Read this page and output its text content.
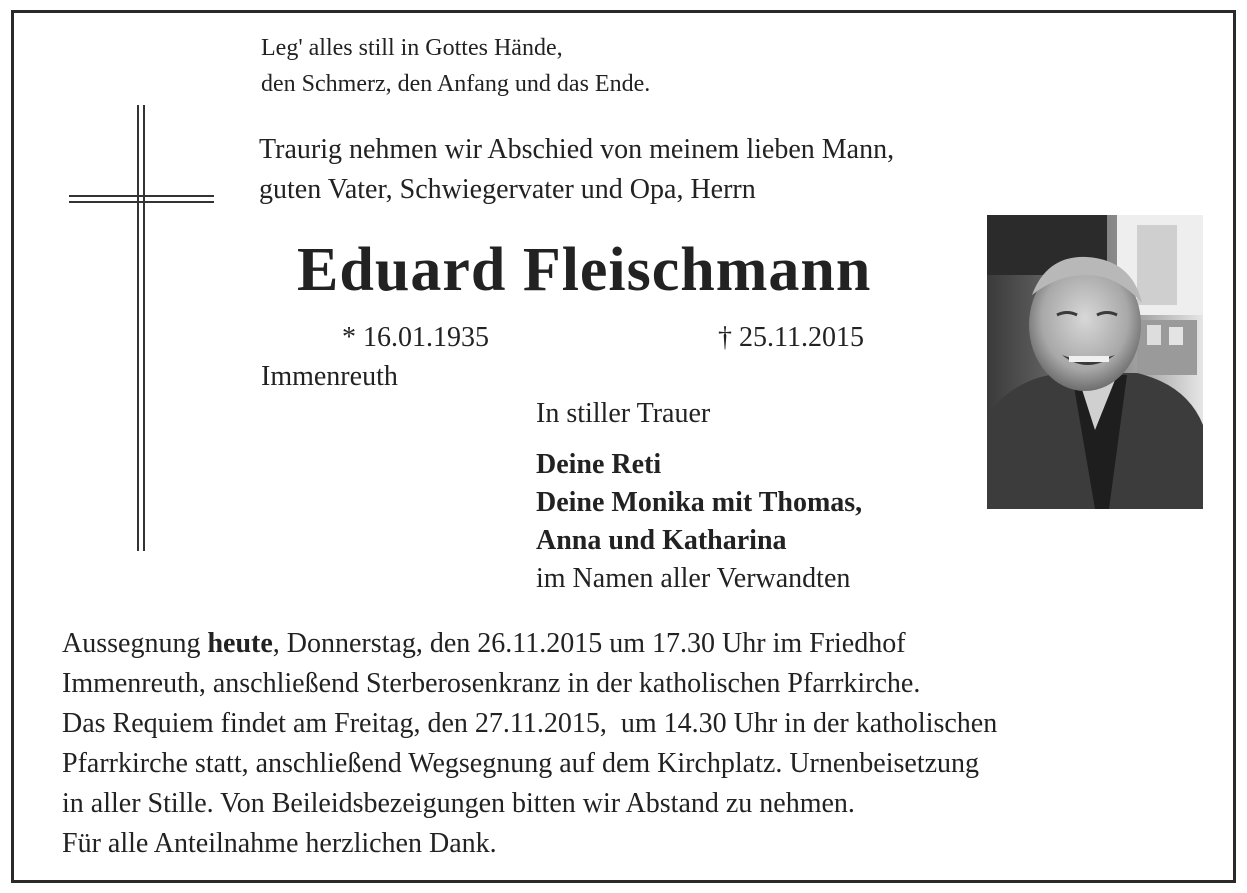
Leg' alles still in Gottes Hände,
den Schmerz, den Anfang und das Ende.
Traurig nehmen wir Abschied von meinem lieben Mann,
guten Vater, Schwiegervater und Opa, Herrn
Eduard Fleischmann
* 16.01.1935	† 25.11.2015
Immenreuth
In stiller Trauer
Deine Reti
Deine Monika mit Thomas,
Anna und Katharina
im Namen aller Verwandten
Aussegnung heute, Donnerstag, den 26.11.2015 um 17.30 Uhr im Friedhof
Immenreuth, anschließend Sterberosenkranz in der katholischen Pfarrkirche.
Das Requiem findet am Freitag, den 27.11.2015,  um 14.30 Uhr in der katholischen
Pfarrkirche statt, anschließend Wegsegnung auf dem Kirchplatz. Urnenbeisetzung
in aller Stille. Von Beileidsbezeigungen bitten wir Abstand zu nehmen.
Für alle Anteilnahme herzlichen Dank.
